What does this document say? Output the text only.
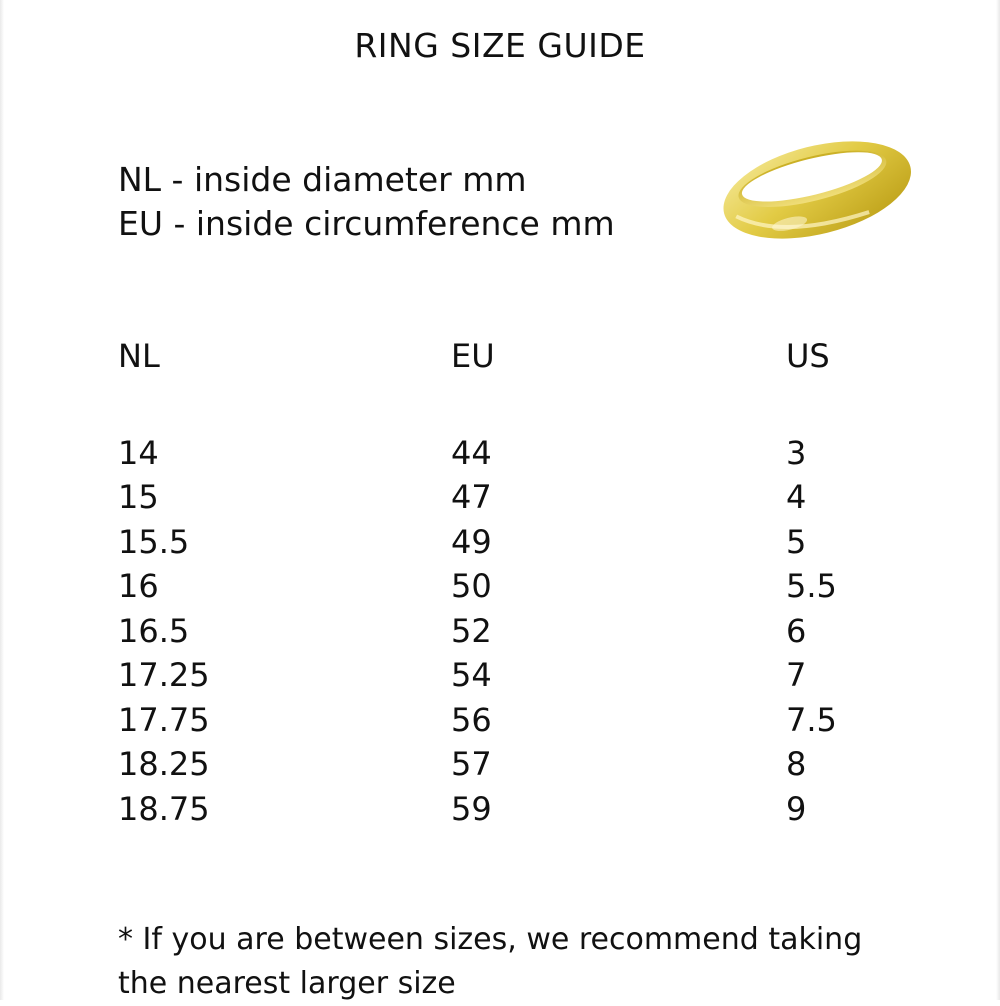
RING SIZE GUIDE
NL - inside diameter mm
EU - inside circumference mm
NL
14
15
15.5
16
16.5
17.25
17.75
18.25
18.75
EU
44
47
49
50
52
54
56
57
59
US
3
4
5
5.5
6
7
7.5
8
9
* If you are between sizes, we recommend taking
the nearest larger size
